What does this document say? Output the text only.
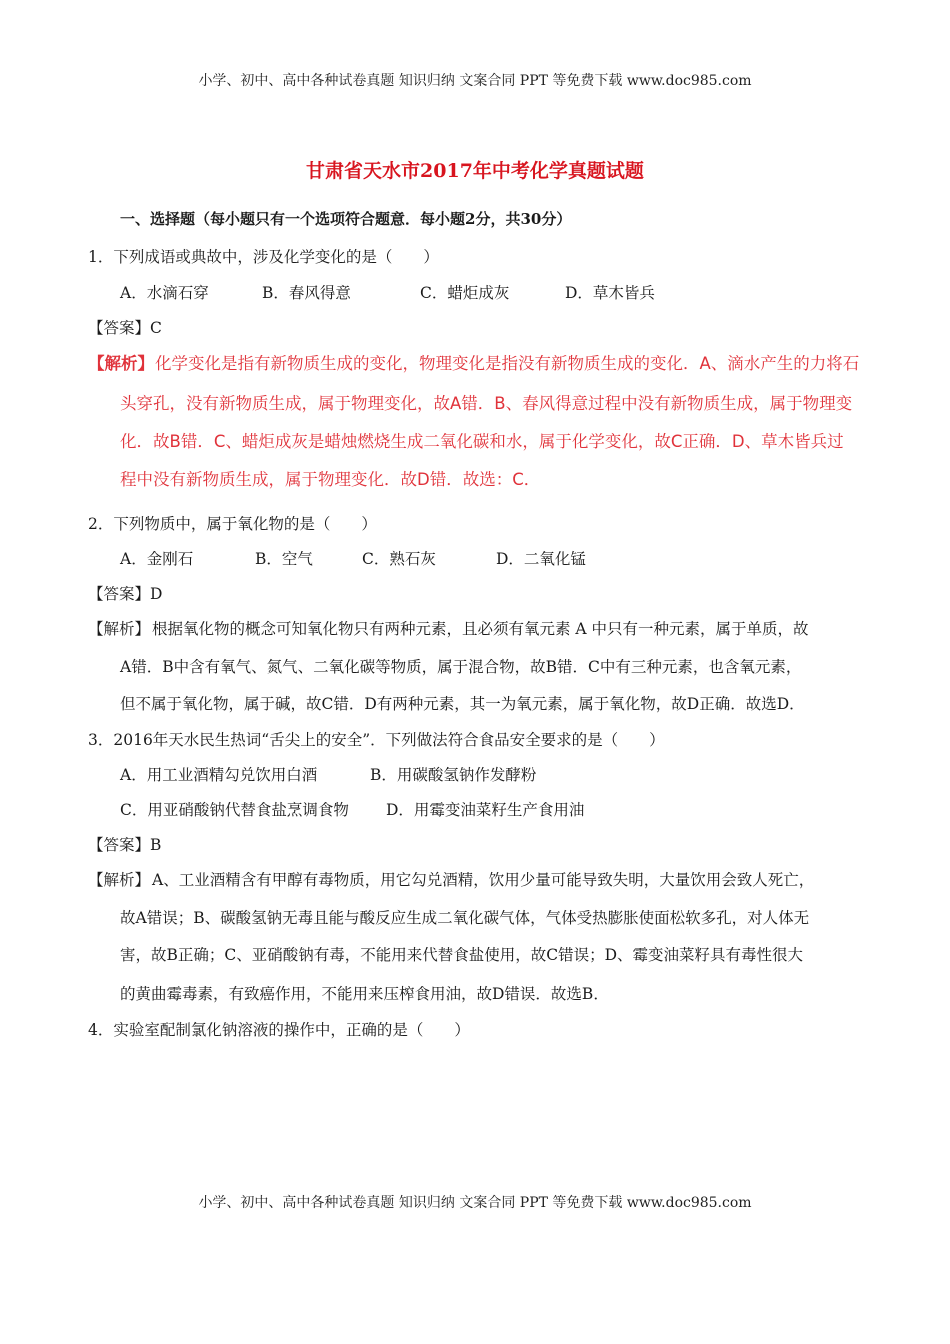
小学、初中、高中各种试卷真题 知识归纳 文案合同 PPT 等免费下载 www.doc985.com
甘肃省天水市2017年中考化学真题试题
一、选择题（每小题只有一个选项符合题意．每小题2分，共30分）
1．下列成语或典故中，涉及化学变化的是（　　）
A．水滴石穿	B．春风得意	C．蜡炬成灰	D．草木皆兵
【答案】C
【解析】 化学变化是指有新物质生成的变化，物理变化是指没有新物质生成的变化．A、滴水产生的力将石
头穿孔，没有新物质生成，属于物理变化，故A错．B、春风得意过程中没有新物质生成，属于物理变
化．故B错．C、蜡炬成灰是蜡烛燃烧生成二氧化碳和水，属于化学变化，故C正确．D、草木皆兵过
程中没有新物质生成，属于物理变化．故D错．故选：C．
2．下列物质中，属于氧化物的是（　　）
A．金刚石	B．空气	C．熟石灰	D．二氧化锰
【答案】D
【解析】 根据氧化物的概念可知氧化物只有两种元素，且必须有氧元素 A 中只有一种元素，属于单质，故
A错．B中含有氧气、氮气、二氧化碳等物质，属于混合物，故B错．C中有三种元素，也含氧元素，
但不属于氧化物，属于碱，故C错．D有两种元素，其一为氧元素，属于氧化物，故D正确．故选D．
3．2016年天水民生热词“舌尖上的安全”．下列做法符合食品安全要求的是（　　）
A．用工业酒精勾兑饮用白酒	B．用碳酸氢钠作发酵粉
C．用亚硝酸钠代替食盐烹调食物 D．用霉变油菜籽生产食用油
【答案】B
【解析】 A、工业酒精含有甲醇有毒物质，用它勾兑酒精，饮用少量可能导致失明，大量饮用会致人死亡，
故A错误；B、碳酸氢钠无毒且能与酸反应生成二氧化碳气体，气体受热膨胀使面松软多孔，对人体无
害，故B正确；C、亚硝酸钠有毒，不能用来代替食盐使用，故C错误；D、霉变油菜籽具有毒性很大
的黄曲霉毒素，有致癌作用，不能用来压榨食用油，故D错误．故选B．
4．实验室配制氯化钠溶液的操作中，正确的是（　　）
小学、初中、高中各种试卷真题 知识归纳 文案合同 PPT 等免费下载 www.doc985.com
